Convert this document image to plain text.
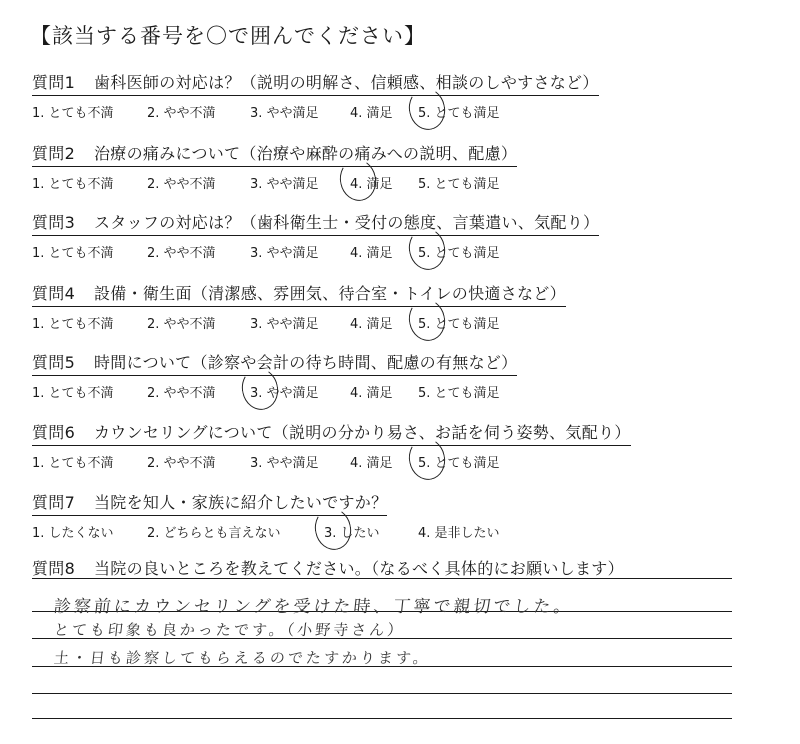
【該当する番号を〇で囲んでください】
質問1 歯科医師の対応は？（説明の明解さ、信頼感、相談のしやすさなど）
1. とても不満	2. やや不満	3. やや満足 4. 満足 5. とても満足
質問2 治療の痛みについて（治療や麻酔の痛みへの説明、配慮）
1. とても不満	2. やや不満	3. やや満足 4. 満足 5. とても満足
質問3 スタッフの対応は？（歯科衛生士・受付の態度、言葉遣い、気配り）
1. とても不満	2. やや不満	3. やや満足 4. 満足 5. とても満足
質問4 設備・衛生面（清潔感、雰囲気、待合室・トイレの快適さなど）
1. とても不満	2. やや不満	3. やや満足 4. 満足 5. とても満足
質問5 時間について（診察や会計の待ち時間、配慮の有無など）
1. とても不満	2. やや不満	3. やや満足 4. 満足 5. とても満足
質問6 カウンセリングについて（説明の分かり易さ、お話を伺う姿勢、気配り）
1. とても不満	2. やや不満	3. やや満足 4. 満足 5. とても満足
質問7 当院を知人・家族に紹介したいですか？
1. したくない	2. どちらとも言えない	3. したい	4. 是非したい
質問8 当院の良いところを教えてください。（なるべく具体的にお願いします）
診察前にカウンセリングを受けた時、丁寧で親切でした。
とても印象も良かったです。（小野寺さん）
土・日も診察してもらえるのでたすかります。
